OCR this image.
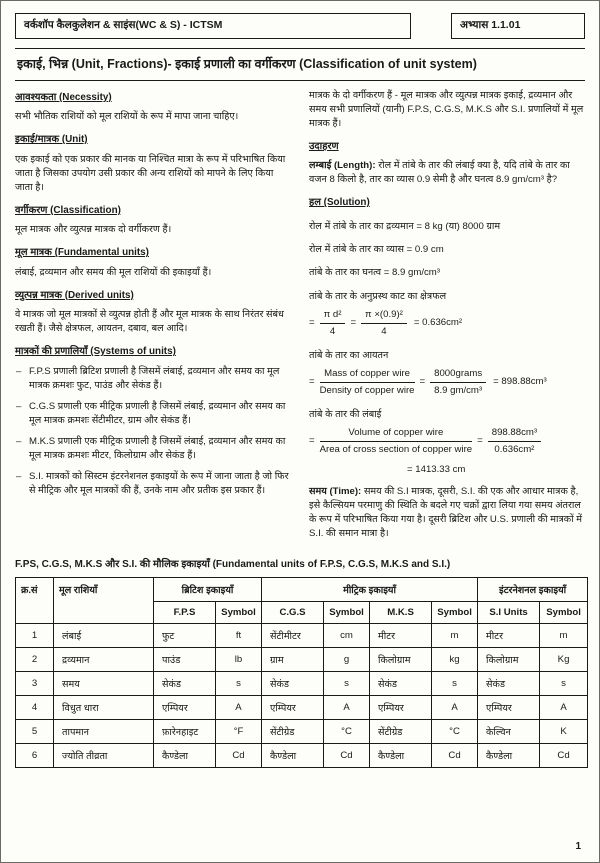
वर्कशॉप कैलकुलेशन & साइंस(WC & S) - ICTSM	अभ्यास 1.1.01
इकाई, भिन्न (Unit, Fractions)- इकाई प्रणाली का वर्गीकरण (Classification of unit system)
आवश्यकता (Necessity)

सभी भौतिक राशियों को मूल राशियों के रूप में मापा जाना चाहिए।

इकाई/मात्रक (Unit)

एक इकाई को एक प्रकार की मानक या निश्चित मात्रा के रूप में परिभाषित किया जाता है जिसका उपयोग उसी प्रकार की अन्य राशियों को मापने के लिए किया जाता है।

वर्गीकरण (Classification)

मूल मात्रक और व्युत्पन्न मात्रक दो वर्गीकरण हैं।

मूल मात्रक (Fundamental units)

लंबाई, द्रव्यमान और समय की मूल राशियों की इकाइयाँ हैं।

व्युत्पन्न मात्रक (Derived units)

वे मात्रक जो मूल मात्रकों से व्युत्पन्न होती हैं और मूल मात्रक के साथ निरंतर संबंध रखती हैं। जैसे क्षेत्रफल, आयतन, दबाव, बल आदि।

मात्रकों की प्रणालियाँ (Systems of units)
– F.P.S प्रणाली ब्रिटिश प्रणाली है जिसमें लंबाई, द्रव्यमान और समय का मूल मात्रक क्रमशः फुट, पाउंड और सेकंड हैं।
– C.G.S प्रणाली एक मीट्रिक प्रणाली है जिसमें लंबाई, द्रव्यमान और समय का मूल मात्रक क्रमशः सेंटीमीटर, ग्राम और सेकंड हैं।
– M.K.S प्रणाली एक मीट्रिक प्रणाली है जिसमें लंबाई, द्रव्यमान और समय का मूल मात्रक क्रमशः मीटर, किलोग्राम और सेकंड हैं।
– S.I. मात्रकों को सिस्टम इंटरनेशनल इकाइयों के रूप में जाना जाता है जो फिर से मीट्रिक और मूल मात्रकों की हैं, उनके नाम और प्रतीक इस प्रकार हैं।

मात्रक के दो वर्गीकरण हैं - मूल मात्रक और व्युत्पन्न मात्रक इकाई, द्रव्यमान और समय सभी प्रणालियों (यानी) F.P.S, C.G.S, M.K.S और S.I. प्रणालियों में मूल मात्रक हैं।

उदाहरण

लम्बाई (Length): रोल में तांबे के तार की लंबाई क्या है, यदि तांबे के तार का वजन 8 किलो है, तार का व्यास 0.9 सेमी है और घनत्व 8.9 gm/cm³ है?

हल (Solution)
रोल में तांबे के तार का द्रव्यमान = 8 kg (या) 8000 ग्राम
रोल में तांबे के तार का व्यास = 0.9 cm
तांबे के तार का घनत्व = 8.9 gm/cm³
तांबे के तार के अनुप्रस्थ काट का क्षेत्रफल
= $\frac{\text{π d²}}{4} = \frac{\text{π ×(0.9)²}}{4} = 0.636cm^2$
तांबे के तार का आयतन
= $\frac{\text{Mass of copper wire}}{\text{Density of copper wire}} = \frac{\text{8000grams}}{\text{8.9 gm/cm³}} = 898.88cm^3$
तांबे के तार की लंबाई
= $\frac{\text{Volume of copper wire}}{\text{Area of cross section of copper wire}} = \frac{\text{898.88cm³}}{\text{0.636cm²}}$
= 1413.33 cm

समय (Time): समय की S.I मात्रक, दूसरी, S.I. की एक और आधार मात्रक है, इसे कैल्सियम परमाणु की स्थिति के बदले गए चक्रों द्वारा लिया गया समय अंतराल के रूप में परिभाषित किया गया है। दूसरी ब्रिटिश और U.S. प्रणाली की मात्रकों में S.I. की समान मात्रा है।

F.PS, C.G.S, M.K.S और S.I. की मौलिक इकाइयाँ (Fundamental units of F.P.S, C.G.S, M.K.S and S.I.)
क्र.सं	मूल राशियाँ	ब्रिटिश इकाइयाँ		मीट्रिक इकाइयाँ				इंटरनेशनल इकाइयाँ	
		F.P.S	Symbol	C.G.S	Symbol	M.K.S	Symbol	S.I Units	Symbol
1	लंबाई	फुट	ft	सेंटीमीटर	cm	मीटर	m	मीटर	m
2	द्रव्यमान	पाउंड	lb	ग्राम	g	किलोग्राम	kg	किलोग्राम	Kg
3	समय	सेकंड	s	सेकंड	s	सेकंड	s	सेकंड	s
4	विधुत धारा	एम्पियर	A	एम्पियर	A	एम्पियर	A	एम्पियर	A
5	तापमान	फ़ारेनहाइट	°F	सेंटीग्रेड	°C	सेंटीग्रेड	°C	केल्विन	K
6	ज्योति तीव्रता	कैण्डेला	Cd	कैण्डेला	Cd	कैण्डेला	Cd	कैण्डेला	Cd
1
